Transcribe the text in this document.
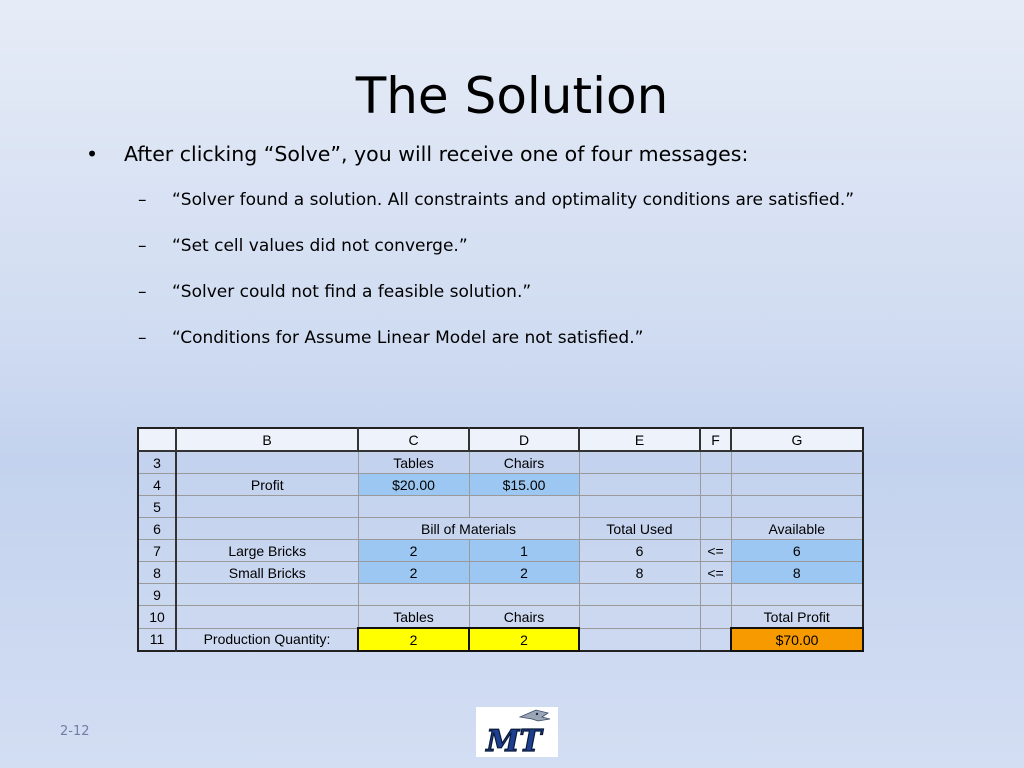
The Solution
• After clicking “Solve”, you will receive one of four messages:
– “Solver found a solution. All constraints and optimality conditions are satisfied.”
– “Set cell values did not converge.”
– “Solver could not find a feasible solution.”
– “Conditions for Assume Linear Model are not satisfied.”
	B	C	D	E	F	G
3		Tables	Chairs			
4	Profit	$20.00	$15.00			
5						
6		Bill of Materials		Total Used		Available
7	Large Bricks	2	1	6	<=	6
8	Small Bricks	2	2	8	<=	8
9						
10		Tables	Chairs			Total Profit
11	Production Quantity:	2	2			$70.00
2-12	MT
